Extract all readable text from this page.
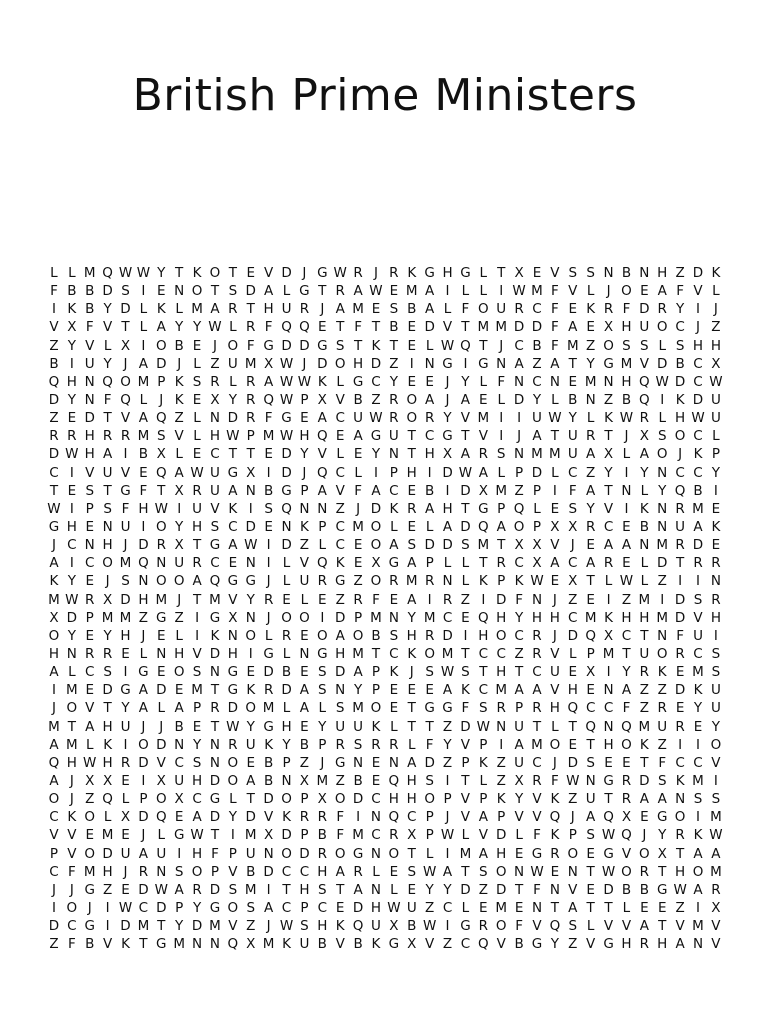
British Prime Ministers
L L M Q W W Y T K O T E V D J G W R J R K G H G L T X E V S S N B N H Z D K
F B B D S I E N O T S D A L G T R A W E M A I L L I W M F V L J O E A F V L
I K B Y D L K L M A R T H U R J A M E S B A L F O U R C F E K R F D R Y I	J
V X F V T L A Y Y W L R F Q Q E T F T B E D V T M M D D F A E X H U O C J Z
Z Y V L X I O B E J O F G D D G S T K T E L W Q T J C B F M Z O S S L S H H
B I U Y J A D J L Z U M X W J D O H D Z I N G I G N A Z A T Y G M V D B C X
Q H N Q O M P K S R L R A W W K L G C Y E E J Y L F N C N E M N H Q W D C W
D Y N F Q L J K E X Y R Q W P X V B Z R O A J A E L D Y L B N Z B Q I K D U
Z E D T V A Q Z L N D R F G E A C U W R O R Y V M I	I U W Y L K W R L H W U
R R H R R M S V L H W P M W H Q E A G U T C G T V I	J A T U R T J X S O C L
D W H A I B X L E C T T E D Y V L E Y N T H X A R S N M M U A X L A O J K P
C I V U V E Q A W U G X I D J Q C L I P H I D W A L P D L C Z Y I Y N C C Y
T E S T G F T X R U A N B G P A V F A C E B I D X M Z P I F A T N L Y Q B I
W I P S F H W I U V K I S Q N N Z J D K R A H T G P Q L E S Y V I K N R M E
G H E N U I O Y H S C D E N K P C M O L E L A D Q A O P X X R C E B N U A K
J C N H J D R X T G A W I D Z L C E O A S D D S M T X X V J E A A N M R D E
A I C O M Q N U R C E N I L V Q K E X G A P L L T R C X A C A R E L D T R R
K Y E J S N O O A Q G G J L U R G Z O R M R N L K P K W E X T L W L Z I	I N
M W R X D H M J T M V Y R E L E Z R F E A I R Z I D F N J Z E I Z M I D S R
X D P M M Z G Z I G X N J O O I D P M N Y M C E Q H Y H H C M K H H M D V H
O Y E Y H J E L I K N O L R E O A O B S H R D I H O C R J D Q X C T N F U I
H N R R E L N H V D H I G L N G H M T C K O M T C C Z R V L P M T U O R C S
A L C S I G E O S N G E D B E S D A P K J S W S T H T C U E X I Y R K E M S
I M E D G A D E M T G K R D A S N Y P E E E A K C M A A V H E N A Z Z D K U
J O V T Y A L A P R D O M L A L S M O E T G G F S R P R H Q C C F Z R E Y U
M T A H U J	J B E T W Y G H E Y U U K L T T Z D W N U T L T Q N Q M U R E Y
A M L K I O D N Y N R U K Y B P R S R R L F Y V P I A M O E T H O K Z I	I O
Q H W H R D V C S N O E B P Z J G N E N A D Z P K Z U C J D S E E T F C C V
A J X X E I X U H D O A B N X M Z B E Q H S I T L Z X R F W N G R D S K M I
O J Z Q L P O X C G L T D O P X O D C H H O P V P K Y V K Z U T R A A N S S
C K O L X D Q E A D Y D V K R R F I N Q C P J V A P V V Q J A Q X E G O I M
V V E M E J L G W T I M X D P B F M C R X P W L V D L F K P S W Q J Y R K W
P V O D U A U I H F P U N O D R O G N O T L I M A H E G R O E G V O X T A A
C F M H J R N S O P V B D C C H A R L E S W A T S O N W E N T W O R T H O M
J	J G Z E D W A R D S M I T H S T A N L E Y Y D Z D T F N V E D B B G W A R
I O J	I W C D P Y G O S A C P C E D H W U Z C L E M E N T A T T L E E Z I X
D C G I D M T Y D M V Z J W S H K Q U X B W I G R O F V Q S L V V A T V M V
Z F B V K T G M N N Q X M K U B V B K G X V Z C Q V B G Y Z V G H R H A N V
